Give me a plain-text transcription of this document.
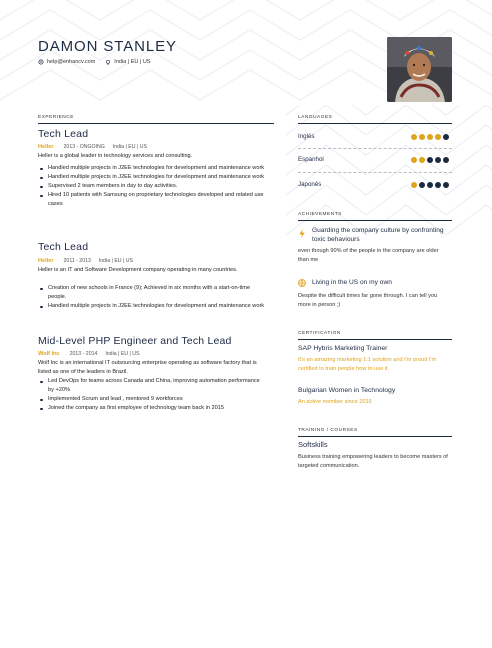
DAMON STANLEY
help@enhancv.com	India | EU | US
EXPERIENCE
Tech Lead
Heller 2013 - ONGOING India | EU | US
Heller is a global leader in technology services and consulting.
Handled multiple projects in J2EE technologies for development and maintenance work
Handled multiple projects in J2EE technologies for development and maintenance work
Supervised 2 team members in day to day activities.
Hired 10 patients with Samsung on proprietary technologies developed and related use cases
Tech Lead
Heller 2011 - 2013 India | EU | US
Heller is an IT and Software Development company operating in many countries.
Creation of new schools in France (9); Achieved in six months with a start-on-time people.
Handled multiple projects in J2EE technologies for development and maintenance work
Mid-Level PHP Engineer and Tech Lead
Wolf Inc 2013 - 2014 India | EU | US
Wolf Inc is an international IT outsourcing enterprise operating as software factory that is listed as one of the leaders in Brazil.
Led DevOps for teams across Canada and China, improving automation performance by +20%
Implemented Scrum and lead , mentored 9 workforces
Joined the company as first employee of technology team back in 2015
LANGUAGES
Inglés
Espanhol
Japonês
ACHIEVEMENTS
Guarding the company culture by confronting toxic behaviours
even though 90% of the people in the company are older than me
Living in the US on my own
Despite the difficult times far gone through. I can tell you more in person ;)
CERTIFICATION
SAP Hybris Marketing Trainer
It's an amazing marketing 1:1 solution and I'm proud I'm certified to train people how to use it.
Bulgarian Women in Technology
An active member since 2016
TRAINING / COURSES
Softskills
Business training empowering leaders to become masters of targeted communication.
